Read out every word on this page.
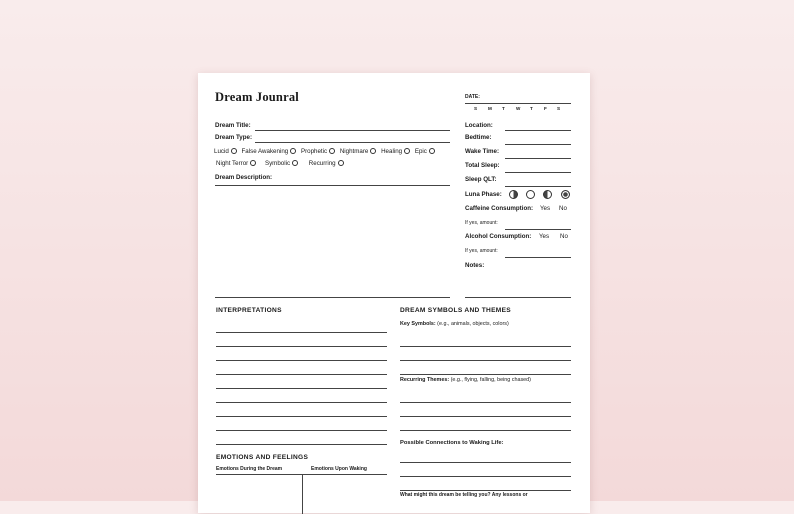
Dream Jounral	DATE:
S M T W T F S
Dream Title:
Dream Type:
Lucid False Awakening Prophetic Nightmare Healing Epic
Night Terror	Symbolic	Recurring
Dream Description:
Location:
Bedtime:
Wake Time:
Total Sleep:
Sleep QLT:
Luna Phase:
Caffeine Consumption: Yes No
If yes, amount:
Alcohol Consumption: Yes No
If yes, amount:
Notes:
INTERPRETATIONS
EMOTIONS AND FEELINGS
Emotions During the Dream	Emotions Upon Waking
DREAM SYMBOLS AND THEMES
Key Symbols: (e.g., animals, objects, colors)
Recurring Themes: (e.g., flying, falling, being chased)
Possible Connections to Waking Life:
What might this dream be telling you? Any lessons or
